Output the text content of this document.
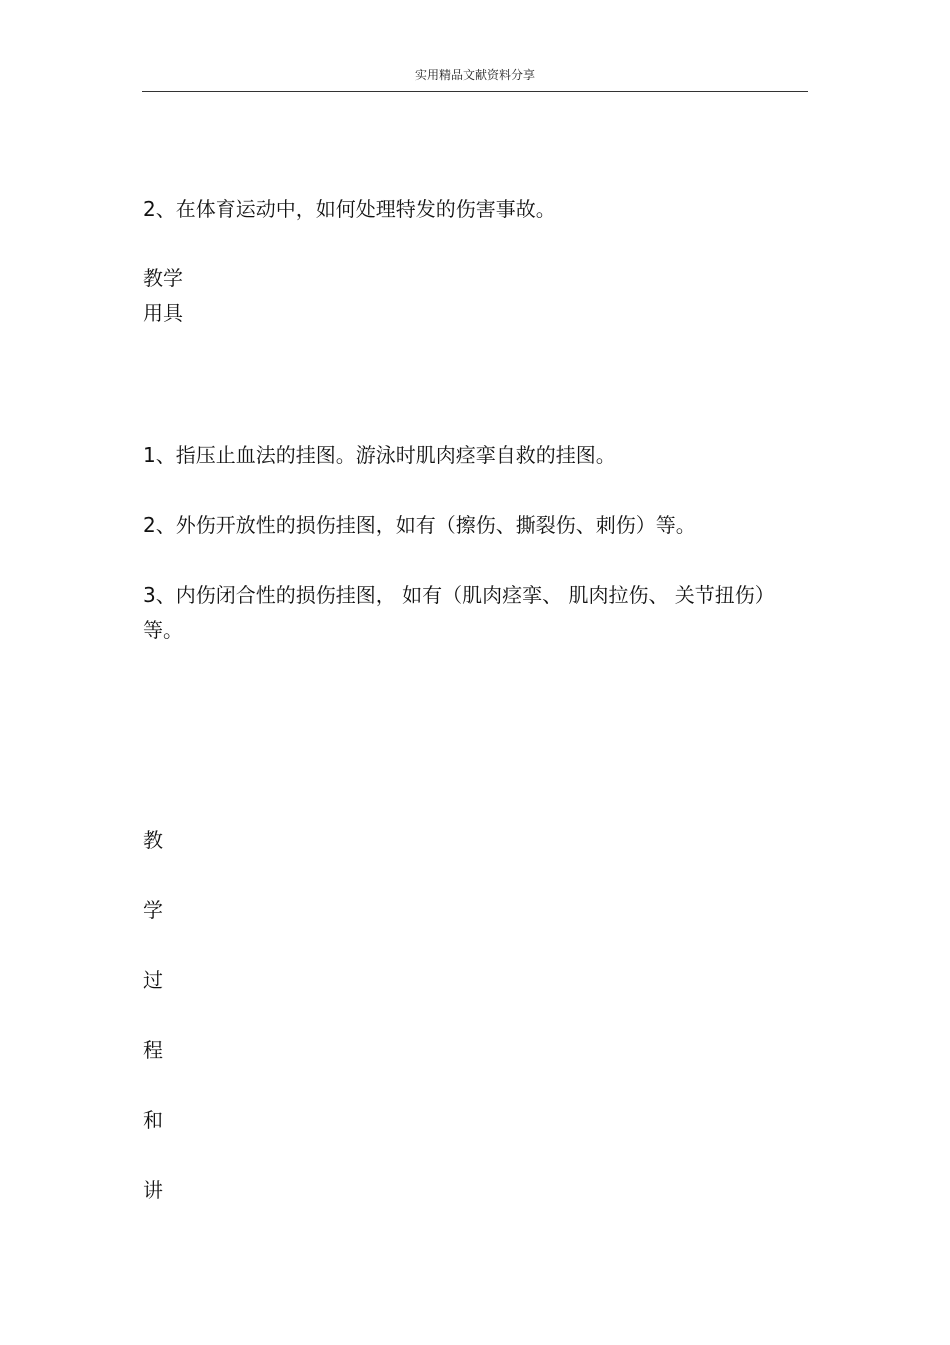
实用精品文献资料分享
2、在体育运动中，如何处理特发的伤害事故。
教学
用具
1、指压止血法的挂图。游泳时肌肉痉挛自救的挂图。
2、外伤开放性的损伤挂图，如有（擦伤、撕裂伤、刺伤）等。
3、内伤闭合性的损伤挂图， 如有（肌肉痉挛、 肌肉拉伤、 关节扭伤）
等。
教
学
过
程
和
讲
